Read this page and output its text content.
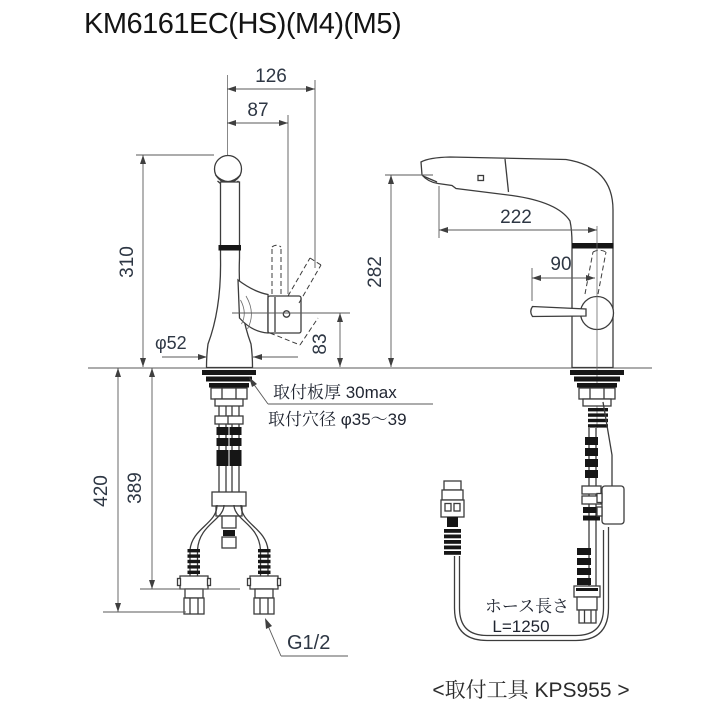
KM6161EC(HS)(M4)(M5)
126
87
310
φ52	83
420 389
G1/2
取付板厚 30max
取付穴径 φ35〜39
222
90
282
ホース長さ
L=1250
<取付工具 KPS955 >
